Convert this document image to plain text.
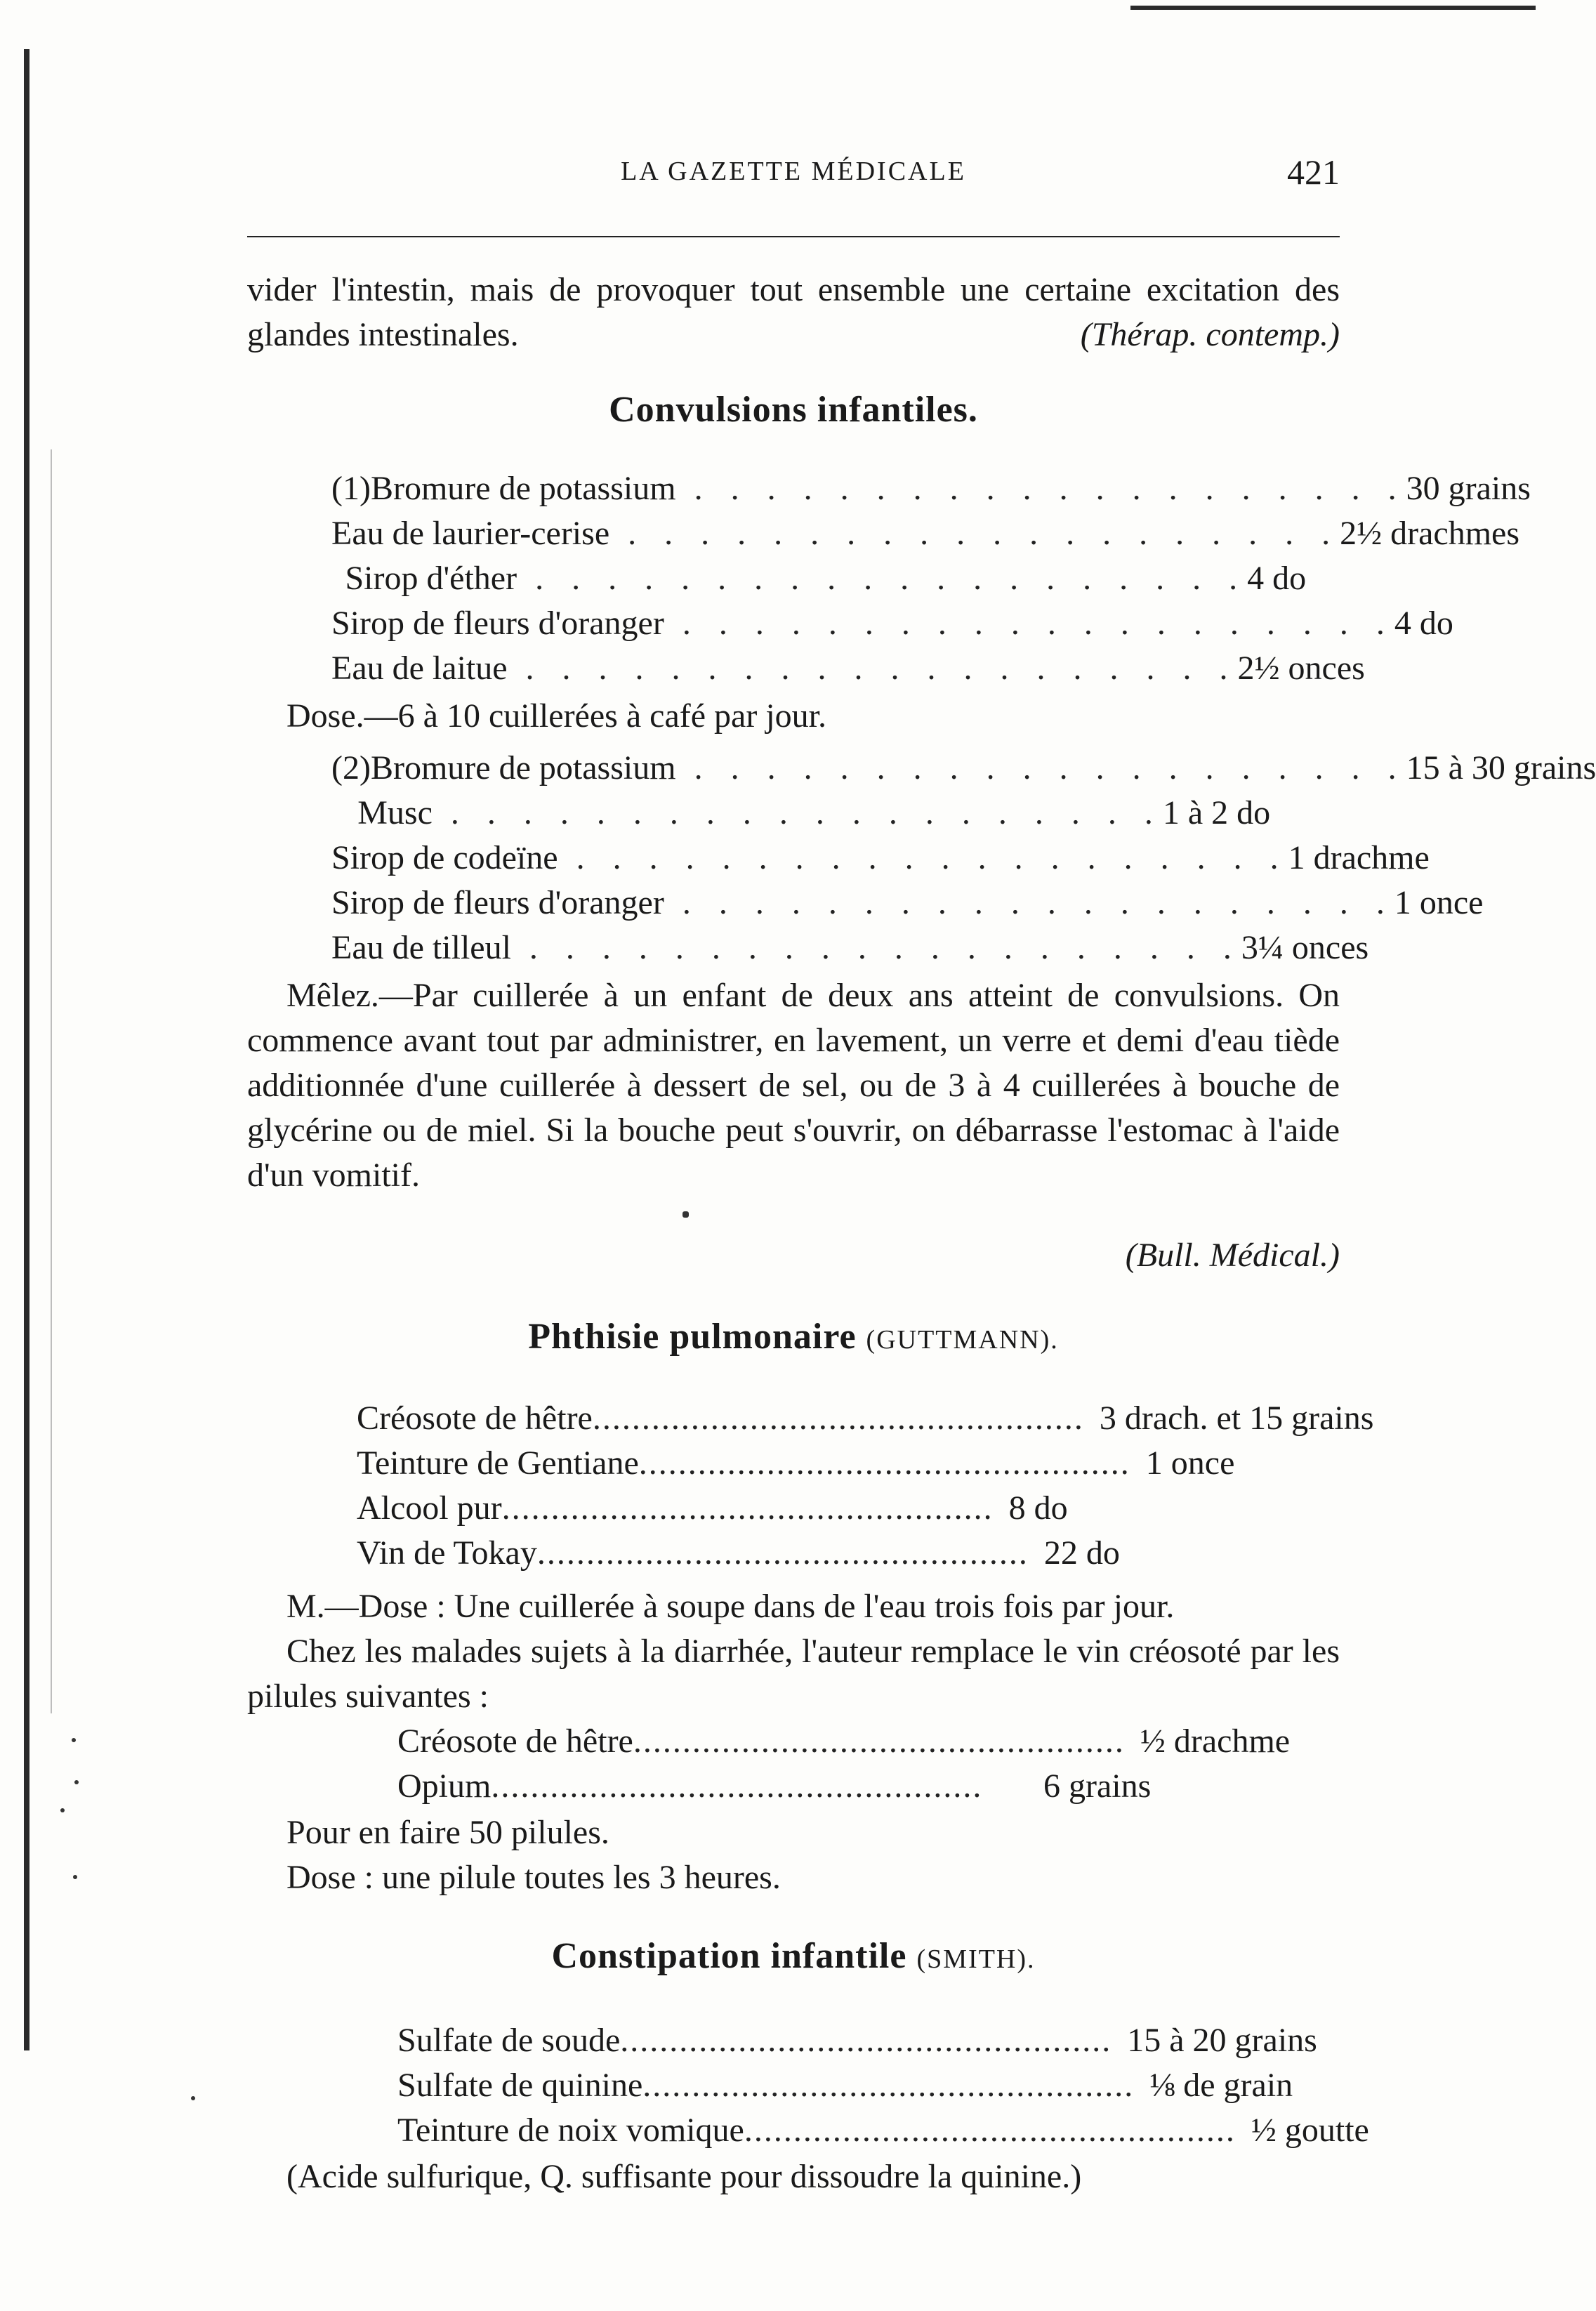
LA GAZETTE MÉDICALE	421

vider l'intestin, mais de provoquer tout ensemble une certaine excitation des glandes intestinales.	(Thérap. contemp.)
Convulsions infantiles.
(1) Bromure de potassium . . . . . . . . . . . . . . . . . . . . 30 grains
Eau de laurier-cerise . . . . . . . . . . . . . . . . . . . . 2½ drachmes
Sirop d'éther . . . . . . . . . . . . . . . . . . . . 4 do
Sirop de fleurs d'oranger . . . . . . . . . . . . . . . . . . . . 4 do
Eau de laitue . . . . . . . . . . . . . . . . . . . . 2½ onces
Dose.—6 à 10 cuillerées à café par jour.
(2) Bromure de potassium . . . . . . . . . . . . . . . . . . . . 15 à 30 grains
Musc . . . . . . . . . . . . . . . . . . . . 1 à 2 do
Sirop de codeïne . . . . . . . . . . . . . . . . . . . . 1 drachme
Sirop de fleurs d'oranger . . . . . . . . . . . . . . . . . . . . 1 once
Eau de tilleul . . . . . . . . . . . . . . . . . . . . 3¼ onces
Mêlez.—Par cuillerée à un enfant de deux ans atteint de convulsions. On commence avant tout par administrer, en lavement, un verre et demi d'eau tiède additionnée d'une cuillerée à dessert de sel, ou de 3 à 4 cuillerées à bouche de glycérine ou de miel. Si la bouche peut s'ouvrir, on débarrasse l'estomac à l'aide d'un vomitif.
(Bull. Médical.)
Phthisie pulmonaire (GUTTMANN).
Créosote de hêtre .................................................. 3 drach. et 15 grains
Teinture de Gentiane .................................................. 1 once
Alcool pur .................................................. 8 do
Vin de Tokay .................................................. 22 do
M.—Dose : Une cuillerée à soupe dans de l'eau trois fois par jour.
Chez les malades sujets à la diarrhée, l'auteur remplace le vin créosoté par les pilules suivantes :
Créosote de hêtre .................................................. ½ drachme
Opium ..................................................	6 grains
Pour en faire 50 pilules.
Dose : une pilule toutes les 3 heures.
Constipation infantile (SMITH).
Sulfate de soude .................................................. 15 à 20 grains
Sulfate de quinine .................................................. ⅛ de grain
Teinture de noix vomique .................................................. ½ goutte
(Acide sulfurique, Q. suffisante pour dissoudre la quinine.)
